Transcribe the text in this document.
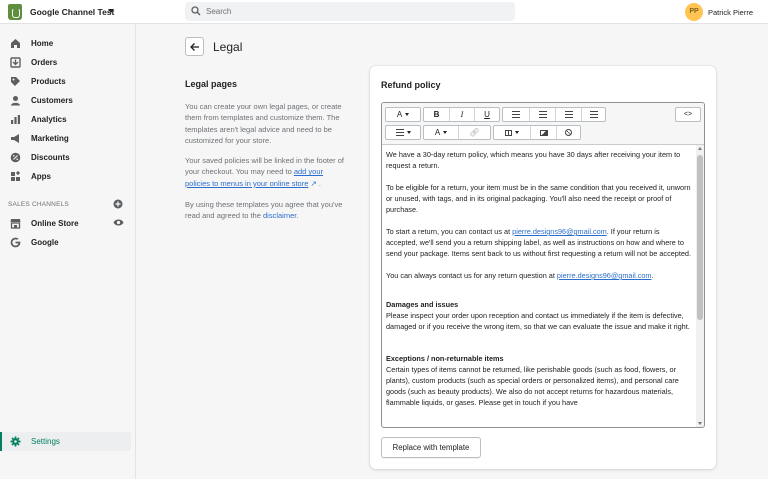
Google Channel Test	Search	PP	Patrick Pierre
Home
Orders
Products
Customers
Analytics
Marketing
Discounts
Apps
SALES CHANNELS
Online Store
Google
Settings
Legal
Legal pages
You can create your own legal pages, or create them from templates and customize them. The templates aren't legal advice and need to be customized for your store.
Your saved policies will be linked in the footer of your checkout. You may need to add your policies to menus in your online store ↗ .
By using these templates you agree that you've read and agreed to the disclaimer.
Refund policy
A	B	I	U	<>
A	🔗︎

We have a 30-day return policy, which means you have 30 days after receiving your item to request a return.

To be eligible for a return, your item must be in the same condition that you received it, unworn or unused, with tags, and in its original packaging. You'll also need the receipt or proof of purchase.

To start a return, you can contact us at pierre.designs96@gmail.com. If your return is accepted, we'll send you a return shipping label, as well as instructions on how and where to send your package. Items sent back to us without first requesting a return will not be accepted.

You can always contact us for any return question at pierre.designs96@gmail.com.

Damages and issues

Please inspect your order upon reception and contact us immediately if the item is defective, damaged or if you receive the wrong item, so that we can evaluate the issue and make it right.

Exceptions / non-returnable items

Certain types of items cannot be returned, like perishable goods (such as food, flowers, or plants), custom products (such as special orders or personalized items), and personal care goods (such as beauty products). We also do not accept returns for hazardous materials, flammable liquids, or gases. Please get in touch if you have

Replace with template
